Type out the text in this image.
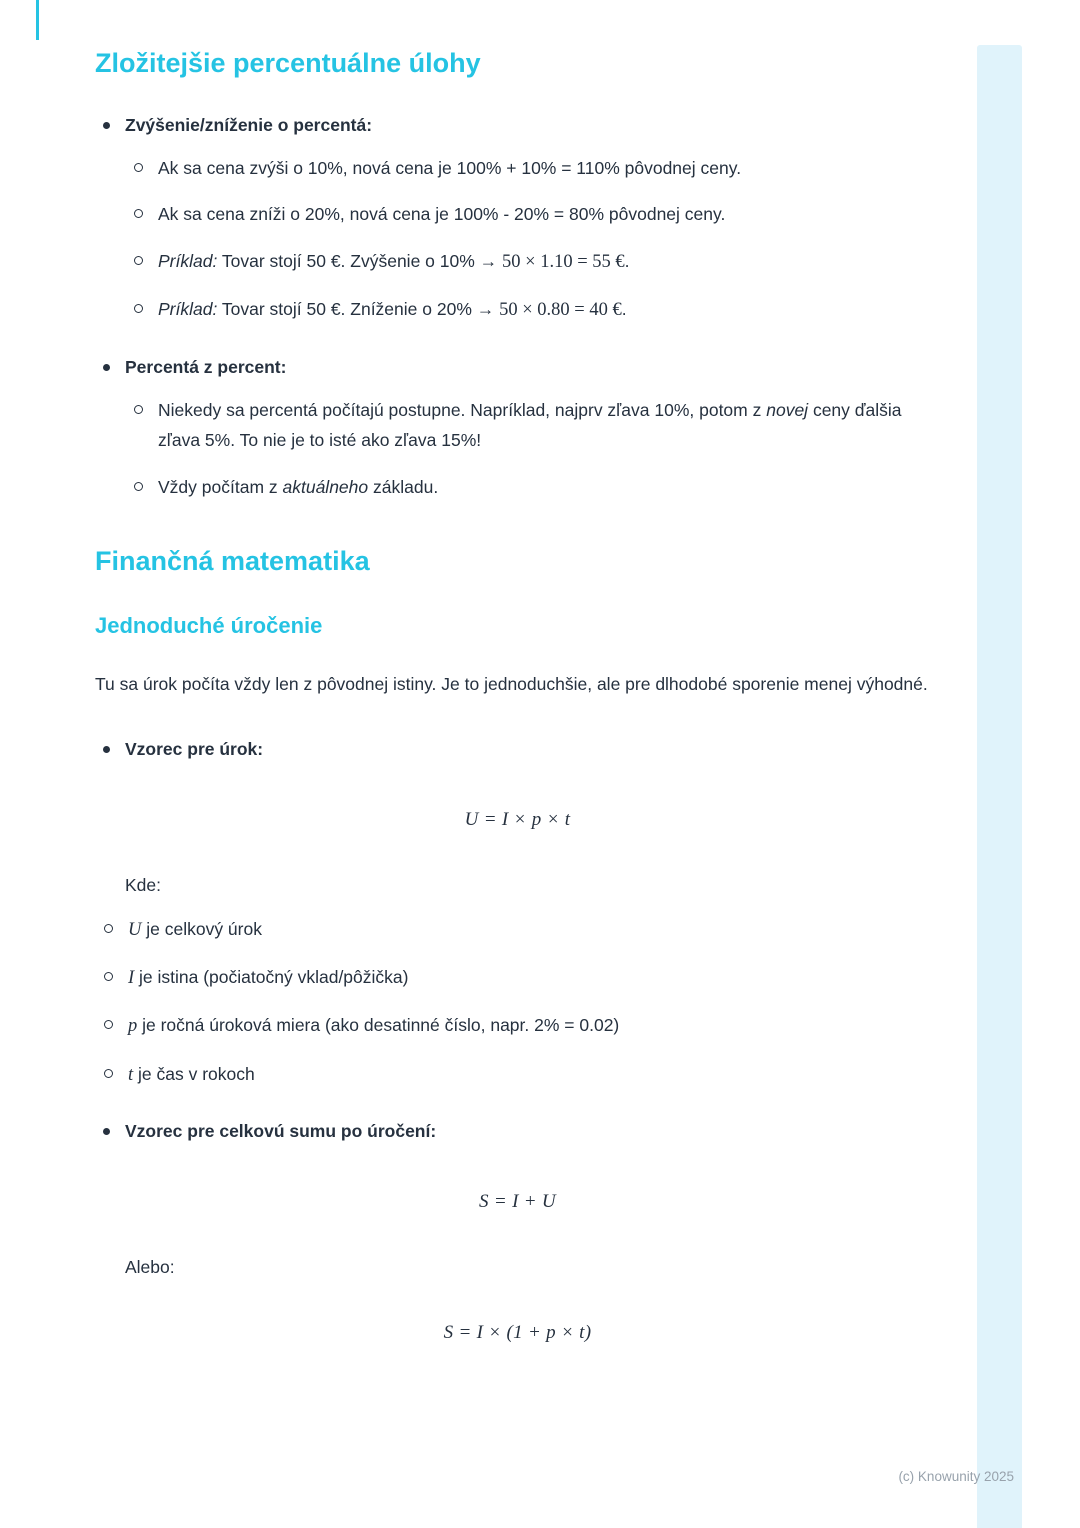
Zložitejšie percentuálne úlohy
Zvýšenie/zníženie o percentá:
Ak sa cena zvýši o 10%, nová cena je 100% + 10% = 110% pôvodnej ceny.
Ak sa cena zníži o 20%, nová cena je 100% - 20% = 80% pôvodnej ceny.
Príklad: Tovar stojí 50 €. Zvýšenie o 10% → 50 × 1.10 = 55 €.
Príklad: Tovar stojí 50 €. Zníženie o 20% → 50 × 0.80 = 40 €.
Percentá z percent:
Niekedy sa percentá počítajú postupne. Napríklad, najprv zľava 10%, potom z novej ceny ďalšia zľava 5%. To nie je to isté ako zľava 15%!
Vždy počítam z aktuálneho základu.
Finančná matematika
Jednoduché úročenie

Tu sa úrok počíta vždy len z pôvodnej istiny. Je to jednoduchšie, ale pre dlhodobé sporenie menej výhodné.

Vzorec pre úrok:
U = I × p × t
Kde:
U je celkový úrok
I je istina (počiatočný vklad/pôžička)
p je ročná úroková miera (ako desatinné číslo, napr. 2% = 0.02)
t je čas v rokoch
Vzorec pre celkovú sumu po úročení:
S = I + U
Alebo:
S = I × (1 + p × t)
(c) Knowunity 2025
